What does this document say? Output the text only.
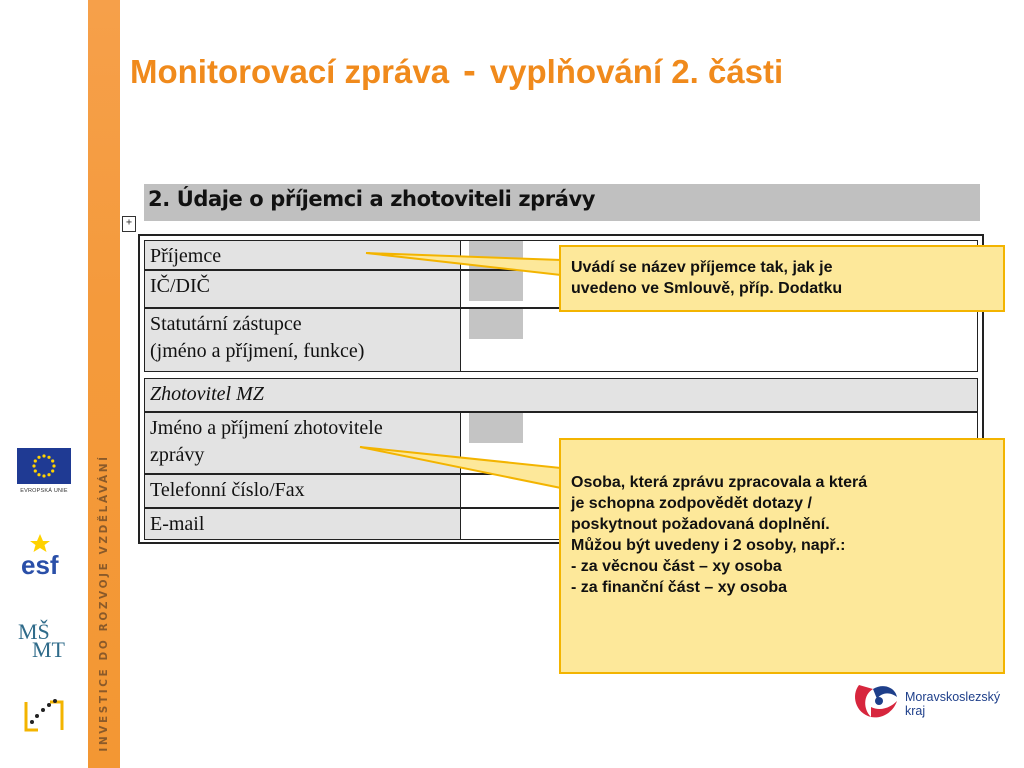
INVESTICE DO ROZVOJE VZDĚLÁVÁNÍ
EVROPSKÁ UNIE
esf
MŠ
MT
Monitorovací zpráva - vyplňování 2. části
2. Údaje o příjemci a zhotoviteli zprávy
+
Příjemce
IČ/DIČ
Statutární zástupce
(jméno a příjmení, funkce)
Zhotovitel MZ
Jméno a příjmení zhotovitele
zprávy
Telefonní číslo/Fax
E-mail
Uvádí se název příjemce tak, jak je
uvedeno ve Smlouvě, příp. Dodatku
Osoba, která zprávu zpracovala a která
je schopna zodpovědět dotazy /
poskytnout požadovaná doplnění.
Můžou být uvedeny i 2 osoby, např.:
- za věcnou část – xy osoba
- za finanční část – xy osoba
Moravskoslezský
kraj
